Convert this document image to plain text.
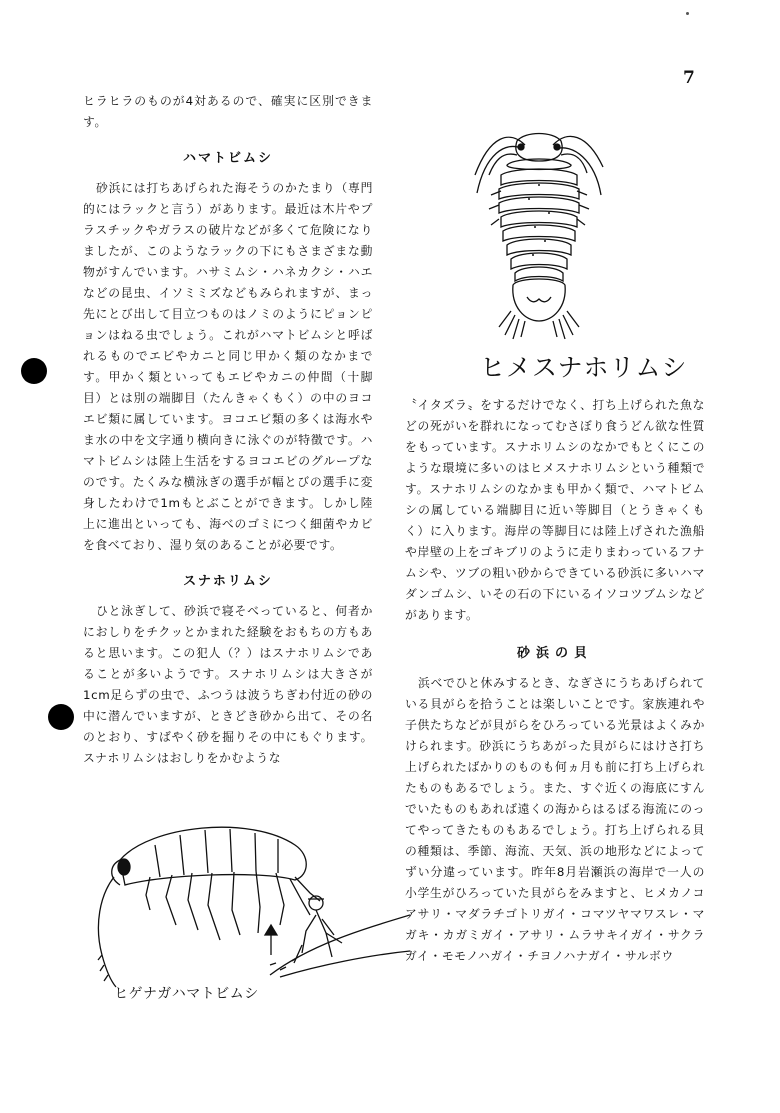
7

ヒラヒラのものが4対あるので、確実に区別できます。

ハマトビムシ

砂浜には打ちあげられた海そうのかたまり（専門的にはラックと言う）があります。最近は木片やプラスチックやガラスの破片などが多くて危険になりましたが、このようなラックの下にもさまざまな動物がすんでいます。ハサミムシ・ハネカクシ・ハエなどの昆虫、イソミミズなどもみられますが、まっ先にとび出して目立つものはノミのようにピョンピョンはねる虫でしょう。これがハマトビムシと呼ばれるものでエビやカニと同じ甲かく類のなかまです。甲かく類といってもエビやカニの仲間（十脚目）とは別の端脚目（たんきゃくもく）の中のヨコエビ類に属しています。ヨコエビ類の多くは海水やま水の中を文字通り横向きに泳ぐのが特徴です。ハマトビムシは陸上生活をするヨコエビのグループなのです。たくみな横泳ぎの選手が幅とびの選手に変身したわけで1mもとぶことができます。しかし陸上に進出といっても、海べのゴミにつく細菌やカビを食べており、湿り気のあることが必要です。

スナホリムシ

ひと泳ぎして、砂浜で寝そべっていると、何者かにおしりをチクッとかまれた経験をおもちの方もあると思います。この犯人（？）はスナホリムシであることが多いようです。スナホリムシは大きさが1cm足らずの虫で、ふつうは波うちぎわ付近の砂の中に潜んでいますが、ときどき砂から出て、その名のとおり、すばやく砂を掘りその中にもぐります。スナホリムシはおしりをかむような

ヒメスナホリムシ

〝イタズラ〟をするだけでなく、打ち上げられた魚などの死がいを群れになってむさぼり食うどん欲な性質をもっています。スナホリムシのなかでもとくにこのような環境に多いのはヒメスナホリムシという種類です。スナホリムシのなかまも甲かく類で、ハマトビムシの属している端脚目に近い等脚目（とうきゃくもく）に入ります。海岸の等脚目には陸上げされた漁船や岸壁の上をゴキブリのように走りまわっているフナムシや、ツブの粗い砂からできている砂浜に多いハマダンゴムシ、いその石の下にいるイソコツブムシなどがあります。

砂浜の貝

浜べでひと休みするとき、なぎさにうちあげられている貝がらを拾うことは楽しいことです。家族連れや子供たちなどが貝がらをひろっている光景はよくみかけられます。砂浜にうちあがった貝がらにはけさ打ち上げられたばかりのものも何ヵ月も前に打ち上げられたものもあるでしょう。また、すぐ近くの海底にすんでいたものもあれば遠くの海からはるばる海流にのってやってきたものもあるでしょう。打ち上げられる貝の種類は、季節、海流、天気、浜の地形などによってずい分違っています。昨年8月岩瀬浜の海岸で一人の小学生がひろっていた貝がらをみますと、ヒメカノコアサリ・マダラチゴトリガイ・コマツヤマワスレ・マガキ・カガミガイ・アサリ・ムラサキイガイ・サクラガイ・モモノハガイ・チヨノハナガイ・サルボウ

ヒゲナガハマトビムシ
